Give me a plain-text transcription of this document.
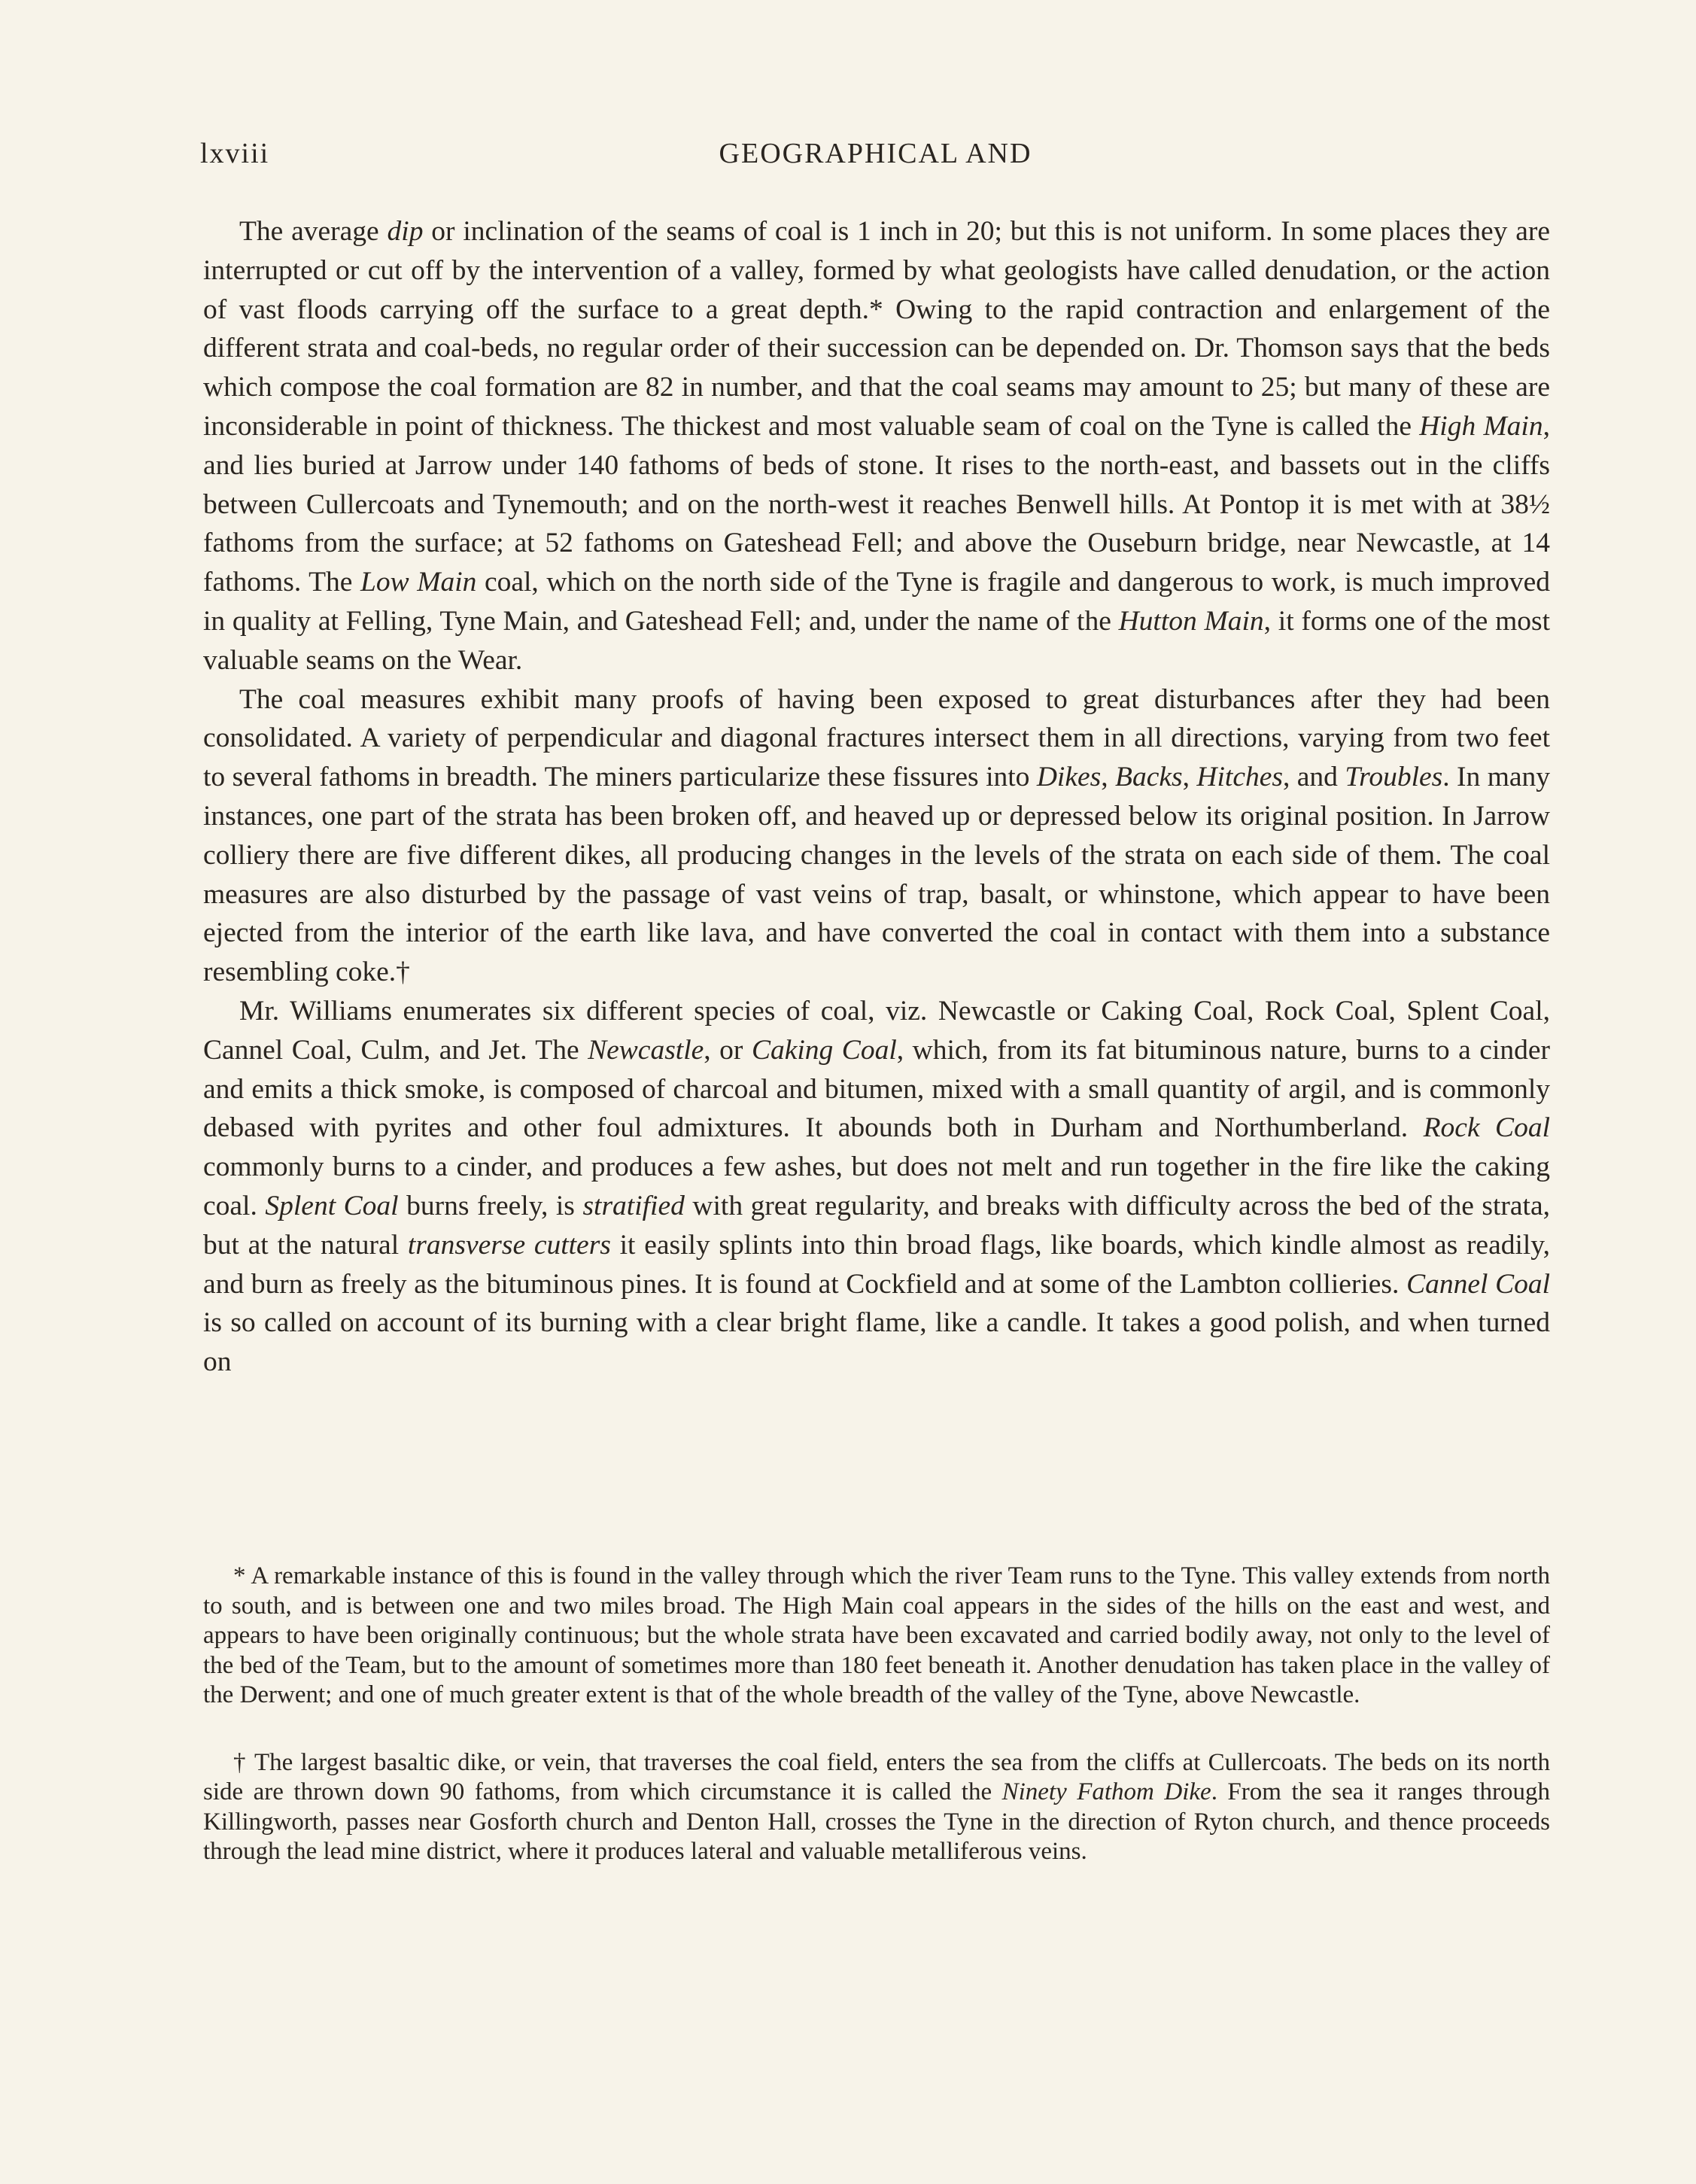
lxviii	GEOGRAPHICAL AND

The average dip or inclination of the seams of coal is 1 inch in 20; but this is not uniform. In some places they are interrupted or cut off by the intervention of a valley, formed by what geologists have called denudation, or the action of vast floods carrying off the surface to a great depth.* Owing to the rapid contraction and enlargement of the different strata and coal-beds, no regular order of their succession can be depended on. Dr. Thomson says that the beds which compose the coal formation are 82 in number, and that the coal seams may amount to 25; but many of these are inconsiderable in point of thickness. The thickest and most valuable seam of coal on the Tyne is called the High Main, and lies buried at Jarrow under 140 fathoms of beds of stone. It rises to the north-east, and bassets out in the cliffs between Cullercoats and Tynemouth; and on the north-west it reaches Benwell hills. At Pontop it is met with at 38½ fathoms from the surface; at 52 fathoms on Gateshead Fell; and above the Ouseburn bridge, near Newcastle, at 14 fathoms. The Low Main coal, which on the north side of the Tyne is fragile and dangerous to work, is much improved in quality at Felling, Tyne Main, and Gateshead Fell; and, under the name of the Hutton Main, it forms one of the most valuable seams on the Wear.

The coal measures exhibit many proofs of having been exposed to great disturbances after they had been consolidated. A variety of perpendicular and diagonal fractures intersect them in all directions, varying from two feet to several fathoms in breadth. The miners particularize these fissures into Dikes, Backs, Hitches, and Troubles. In many instances, one part of the strata has been broken off, and heaved up or depressed below its original position. In Jarrow colliery there are five different dikes, all producing changes in the levels of the strata on each side of them. The coal measures are also disturbed by the passage of vast veins of trap, basalt, or whinstone, which appear to have been ejected from the interior of the earth like lava, and have converted the coal in contact with them into a substance resembling coke.†

Mr. Williams enumerates six different species of coal, viz. Newcastle or Caking Coal, Rock Coal, Splent Coal, Cannel Coal, Culm, and Jet. The Newcastle, or Caking Coal, which, from its fat bituminous nature, burns to a cinder and emits a thick smoke, is composed of charcoal and bitumen, mixed with a small quantity of argil, and is commonly debased with pyrites and other foul admixtures. It abounds both in Durham and Northumberland. Rock Coal commonly burns to a cinder, and produces a few ashes, but does not melt and run together in the fire like the caking coal. Splent Coal burns freely, is stratified with great regularity, and breaks with difficulty across the bed of the strata, but at the natural transverse cutters it easily splints into thin broad flags, like boards, which kindle almost as readily, and burn as freely as the bituminous pines. It is found at Cockfield and at some of the Lambton collieries. Cannel Coal is so called on account of its burning with a clear bright flame, like a candle. It takes a good polish, and when turned on

* A remarkable instance of this is found in the valley through which the river Team runs to the Tyne. This valley extends from north to south, and is between one and two miles broad. The High Main coal appears in the sides of the hills on the east and west, and appears to have been originally continuous; but the whole strata have been excavated and carried bodily away, not only to the level of the bed of the Team, but to the amount of sometimes more than 180 feet beneath it. Another denudation has taken place in the valley of the Derwent; and one of much greater extent is that of the whole breadth of the valley of the Tyne, above Newcastle.

† The largest basaltic dike, or vein, that traverses the coal field, enters the sea from the cliffs at Cullercoats. The beds on its north side are thrown down 90 fathoms, from which circumstance it is called the Ninety Fathom Dike. From the sea it ranges through Killingworth, passes near Gosforth church and Denton Hall, crosses the Tyne in the direction of Ryton church, and thence proceeds through the lead mine district, where it produces lateral and valuable metalliferous veins.
